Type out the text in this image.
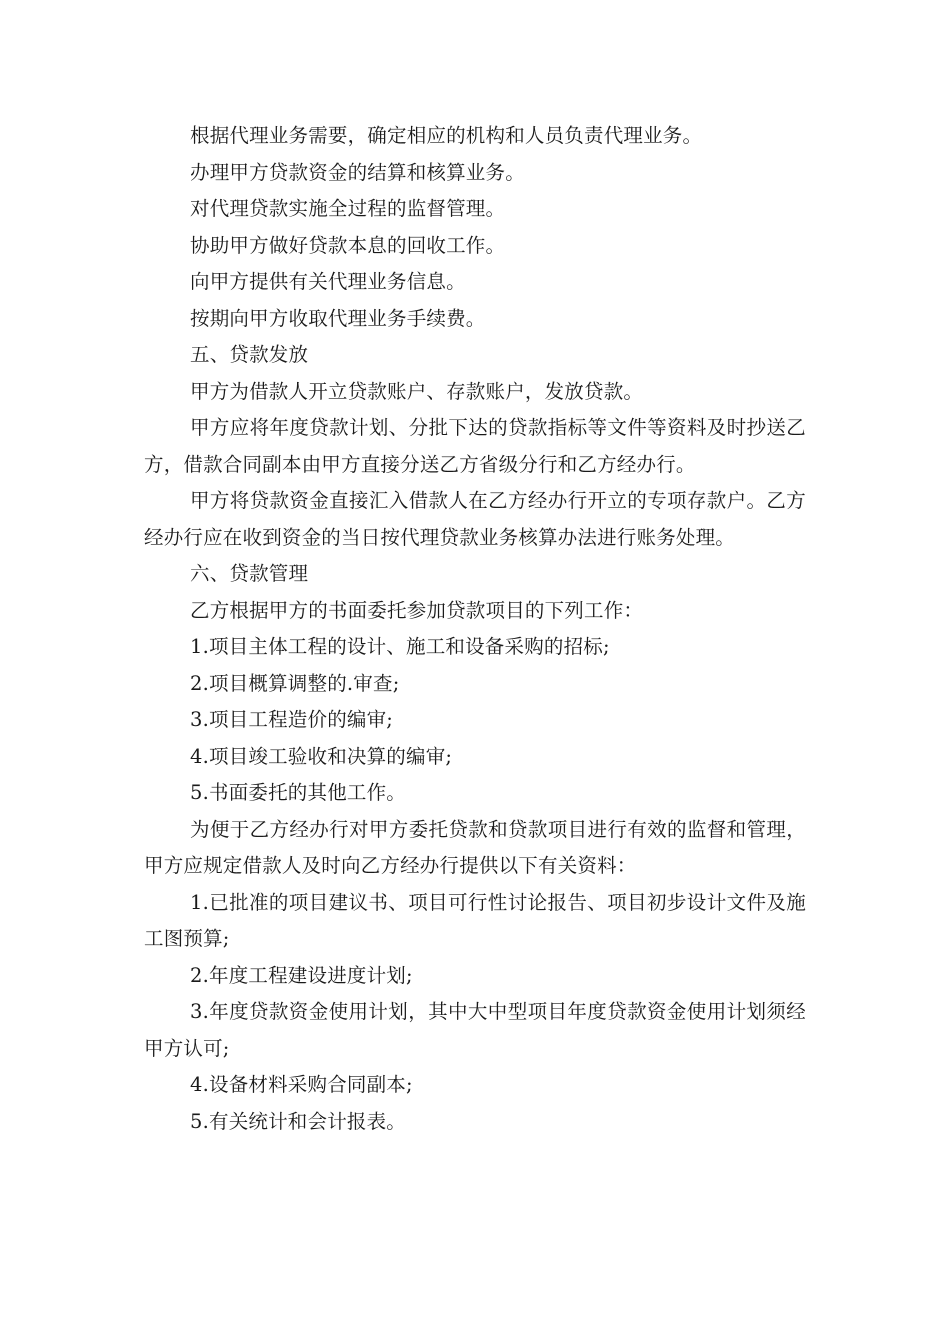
根据代理业务需要，确定相应的机构和人员负责代理业务。

办理甲方贷款资金的结算和核算业务。

对代理贷款实施全过程的监督管理。

协助甲方做好贷款本息的回收工作。

向甲方提供有关代理业务信息。

按期向甲方收取代理业务手续费。

五、贷款发放

甲方为借款人开立贷款账户、存款账户，发放贷款。

甲方应将年度贷款计划、分批下达的贷款指标等文件等资料及时抄送乙方，借款合同副本由甲方直接分送乙方省级分行和乙方经办行。

甲方将贷款资金直接汇入借款人在乙方经办行开立的专项存款户。乙方经办行应在收到资金的当日按代理贷款业务核算办法进行账务处理。

六、贷款管理

乙方根据甲方的书面委托参加贷款项目的下列工作：

1.项目主体工程的设计、施工和设备采购的招标;

2.项目概算调整的.审查;

3.项目工程造价的编审;

4.项目竣工验收和决算的编审;

5.书面委托的其他工作。

为便于乙方经办行对甲方委托贷款和贷款项目进行有效的监督和管理，甲方应规定借款人及时向乙方经办行提供以下有关资料：

1.已批准的项目建议书、项目可行性讨论报告、项目初步设计文件及施工图预算;

2.年度工程建设进度计划;

3.年度贷款资金使用计划，其中大中型项目年度贷款资金使用计划须经甲方认可;

4.设备材料采购合同副本;

5.有关统计和会计报表。
